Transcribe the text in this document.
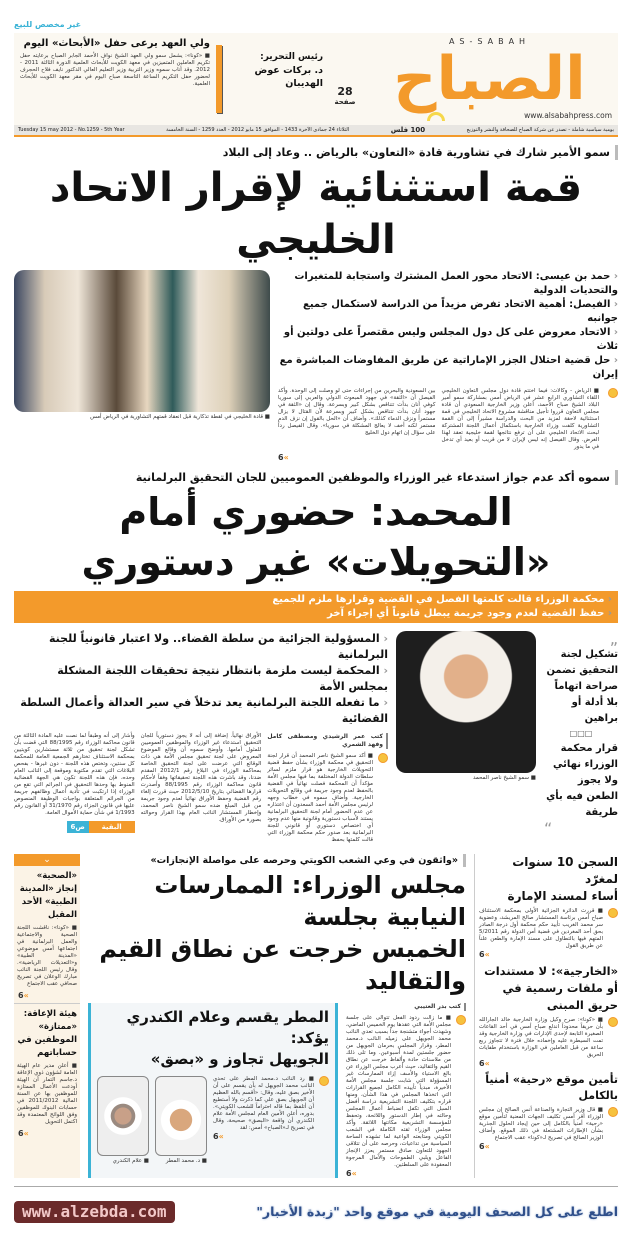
غير مخصص للبيع
ولي العهد يرعى حفل «الأبحاث» اليوم
■ «كونا»: يشمل سمو ولي العهد الشيخ نواف الأحمد الجابر الصباح برعايته حفل تكريم العاملين المتميزين في معهد الكويت للأبحاث العلمية الدورة الثالثة 2011 - 2012. وقد أناب سموه وزير التربية وزير التعليم العالي الدكتور نايف فلاح الحجرف لحضور حفل التكريم الساعة التاسعة صباح اليوم في مقر معهد الكويت للأبحاث العلمية.
رئيس التحرير:
د. بركات عوض الهديبان
28
صفحة
AS-SABAH
الصباح
www.alsabahpress.com
Tuesday 15 may 2012 - No.1259 - 5th Year	الثلاثاء 24 جمادى الآخرة 1433 - الموافق 15 مايو 2012 - العدد 1259 - السنة الخامسة	100 فلس	يومية سياسية شاملة - تصدر عن شركة الصباح للصحافة والنشر والتوزيع
سمو الأمير شارك في تشاورية قادة «التعاون» بالرياض .. وعاد إلى البلاد
قمة استثنائية لإقرار الاتحاد الخليجي
‹ حمد بن عيسى: الاتحاد محور العمل المشترك واستجابة للمتغيرات والتحديات الدولية
‹ الفيصل: أهمية الاتحاد تفرض مزيداً من الدراسة لاستكمال جميع جوانبه
‹ الاتحاد معروض على كل دول المجلس وليس مقتصراً على دولتين أو ثلاث
‹ حل قضية احتلال الجزر الإماراتية عن طريق المفاوضات المباشرة مع إيران
■ الرياض - وكالات: فيما اختتم قادة دول مجلس التعاون الخليجي اللقاء التشاوري الرابع عشر في الرياض أمس بمشاركة سمو أمير البلاد الشيخ صباح الأحمد، أعلن وزير الخارجية السعودي أن قادة مجلس التعاون قرروا تأجيل مناقشة مشروع الاتحاد الخليجي في قمة استثنائية لاحقة لمزيد من البحث والدراسة مشيراً إلى أن القمة التشاورية كلفت وزراء الخارجية باستكمال أعمال اللجنة المشتركة لبحث الاتحاد الخليجي على أن ترفع نتائجها لقمة خليجية تعقد لهذا الغرض. وقال الفيصل إنه ليس لإيران لا من قريب أو بعيد أي تدخل في ما يدور
بين السعودية والبحرين من إجراءات حتى لو وصلت إلى الوحدة. وأكد الفيصل أن «الثقة» في جهود المبعوث الدولي والعربي إلى سوريا كوفي أنان بدأت تتناقص بشكل كبير وبسرعة. وقال إن «الثقة في جهود أنان بدأت تتناقص بشكل كبير وبسرعة لأن القتال لا يزال مستمراً ونزف الدماء كذلك». وأضاف أن «الحل بالقول إن نزف الدم مستمر لكنه أخف لا يعالج المشكلة في سوريا». وقال الفيصل رداً على سؤال إن اتهام دول الخليج
6 «
■ قادة الخليجي في لقطة تذكارية قبل انعقاد قمتهم التشاورية في الرياض أمس
سموه أكد عدم جواز استدعاء غير الوزراء والموظفين العموميين للجان التحقيق البرلمانية
المحمد: حضوري أمام «التحويلات» غير دستوري
‹ محكمة الوزراء قالت كلمتها الفصل في القضية وقرارها ملزم للجميع
‹ حفظ القضية لعدم وجود جريمة يبطل قانوناً أي إجراء آخر
„
تشكيل لجنة التحقيق تضمن صراحة اتهاماً بلا أدلة أو براهين
□□□
قرار محكمة الوزراء نهائي ولا يجوز الطعن فيه بأي طريقة
“
■ سمو الشيخ ناصر المحمد
‹ المسؤولية الجزائية من سلطة القضاء.. ولا اعتبار قانونياً للجنة البرلمانية
‹ المحكمة ليست ملزمة بانتظار نتيجة تحقيقات اللجنة المشكلة بمجلس الأمة
‹ ما تفعله اللجنة البرلمانية يعد تدخلاً في سير العدالة وأعمال السلطة القضائية
كتب عمر الرشيدي ومصطفى كامل وفهد الشمري
■ أكد سمو الشيخ ناصر المحمد أن قرار لجنة التحقيق في محكمة الوزراء بشأن حفظ قضية التحويلات الخارجية هو قرار ملزم لسائر سلطات الدولة المختلفة بما فيها مجلس الأمة مؤكداً أن المحكمة فصلت نهائياً في القضية بالحفظ لعدم وجود جريمة في وقائع التحويلات الخارجية. وأضاف سموه في خطاب وجهه لرئيس مجلس الأمة أحمد السعدون أن اعتذاره عن عدم الحضور أمام لجنة التحقيق البرلمانية يستند لأسباب دستورية وقانونية منها عدم وجود أي اختصاص دستوري أو قانوني للجنة البرلمانية بعد صدور حكم محكمة الوزراء التي قالت كلمتها بحفظ
الأوراق نهائياً. إضافة إلى أنه لا يجوز دستورياً للجان التحقيق استدعاء غير الوزراء والموظفين العموميين للمثول أمامها. وأوضح سموه أن وقائع الموضوع المعروض على لجنة تحقيق مجلس الأمة هي ذات الوقائع التي عرضت على لجنة التحقيق الخاصة بمحاكمة الوزراء في البلاغ رقم 2012/1 المقدم ضدنا، وقد باشرت هذه اللجنة تحقيقاتها وفقاً لأحكام قانون محاكمة الوزراء رقم 88/1995 وأصدرت قرارها القضائي بتاريخ 2012/5/10 حيث قررت إلغاء رقم القضية وحفظ الأوراق نهائياً لعدم وجود جريمة من قبل المبلغ ضده سمو الشيخ ناصر المحمد، وإخطار المستشار النائب العام بهذا القرار وحوالته بصورة من الأوراق.
وأشار إلى أنه وطبقاً لما نصت عليه المادة الثالثة من قانون محاكمة الوزراء رقم 88/1995 التي قضت بأن تشكل لجنة تحقيق من ثلاثة مستشارين كويتيين بمحكمة الاستئناف تختارهم الجمعية العامة للمحكمة كل سنتين، وتختص هذه اللجنة - دون غيرها - بفحص البلاغات التي تقدم مكتوبة وموقعة إلى النائب العام وحده، فإن هذه اللجنة تكون هي الجهة القضائية المنوط بها وحدها التحقيق في الجرائم التي تقع من الوزراء إذا ارتكبت في تأدية أعمال وظائفهم جريمة من الجرائم المتعلقة بواجبات الوظيفة المنصوص عليها في قانون الجزاء رقم 31/1970 أو القانون رقم 1/1993 في شأن حماية الأموال العامة.
ص6	البقية
السجن 10 سنوات لمغرّد
أساء لمسند الإمارة
■ قررت الدائرة الجزائية الأولى بمحكمة الاستئناف صباح أمس برئاسة المستشار صالح المريشد، وعضوية سر محمد الغريب تأييد حكم محكمة أول درجة الصادر بحق أحد المغردين في قضية أمن الدولة رقم 5/2011 المتهم فيها بالتطاول على مسند الإمارة والطعن علناً عن طريق القول
6 «
«الخارجية»: لا مستندات
أو ملفات رسمية في حريق المبنى
■ «كونا»: صرح وكيل وزارة الخارجية خالد الجارالله بأن حريقاً محدوداً اندلع صباح أمس في أحد القاعات الصغيرة التابعة لإحدى الإدارات في وزارة الخارجية وقد تمت السيطرة عليه وإخماده خلال فترة لا تتجاوز ربع ساعة من قبل العاملين في الوزارة باستخدام طفايات الحريق
6 «
تأمين موقع «رحية» أمنياً بالكامل
■ قال وزير التجارة والصناعة أنس الصالح إن مجلس الوزراء أقر أمس تكليف الجهات المعنية لتأمين موقع «رحية» أمنياً بالكامل إلى حين إيجاد الحلول الجذرية بشأن الإطارات المشتعلة في ذلك الموقع. وأضاف الوزير الصالح في تصريح لـ«كونا» عقب الاجتماع
6 «
«واثقون في وعي الشعب الكويتي وحرصه على مواصلة الإنجازات»
مجلس الوزراء: الممارسات النيابية بجلسة
الخميس خرجت عن نطاق القيم والتقاليد
كتب بدر العتيبي
■ ما زالت ردود الفعل تتوالى على جلسة مجلس الأمة التي عقدها يوم الخميس الماضي، وشهدت أجواء متشنجة جداً بسبب تعدي النائب محمد الجويهل على زميله النائب د.محمد المطر، وقرار المجلس بحرمان الجويهل من حضور جلستين لمدة أسبوعين. وما تلى ذلك من ملاسنات حادة وألفاظ خرجت عن نطاق القيم والتقاليد، حيث أعرب مجلس الوزراء عن بالغ الاستياء والأسف إزاء الممارسات غير المسؤولة التي شابت جلسة مجلس الأمة الأخيرة، مبدياً تأييده الكامل لجميع القرارات التي اتخذها المجلس في هذا الشأن، ومنها قراره بتكليف اللجنة التشريعية دراسة أفضل السبل التي تكفل انضباط أعمال المجلس وحالته في إطار الدستور واللائحة، وتحفظ للمؤسسة التشريعية مكانتها اللائقة. وأكد مجلس الوزراء ثقته الكاملة في الشعب الكويتي ومتابعته الواعية لما تشهده الساحة السياسية من تداعيات، وحرصه على أن تتلاقى الجهود للتعاون صادق مستمر يعزز الإنجاز الفاعل ويلبي الطموحات والآمال المرجوة المعقودة على السلطتين.
6 «
المطر يقسم وعلام الكندري يؤكد:
الجويهل تجاوز و «بصق»
■ رد النائب د.محمد المطر على تحدي النائب محمد الجويهل له بأن يقسم على أن الأخير بصق عليه، وقال: «أقسم بالله العظيم أن الجويهل بصق علي كما ذكرت ولا أستطيع أن أتلفظ بما قاله احتراماً للشعب الكويتي». بدوره، أعلن الأمين العام لمجلس الأمة علام الكندري أن واقعة «البصق» صحيحة، وقال في تصريح لـ«الصباح» أمس: لقد
6 «
■ د. محمد المطر
■ علام الكندري
⌄
«الصحية» إنجاز «المدينة الطبية» الأحد المقبل
■ «كونا»: ناقشت اللجنة الصحية والاجتماعية والعمل البرلمانية في اجتماعها أمس موضوعي «المدينة الطبية» و«التعديلات الرياضية». وقال رئيس اللجنة النائب مبارك الوعلان في تصريح صحافي عقب الاجتماع
6 «
هيئة الإعاقة: «ممتازة» الموظفين في حساباتهم
■ أعلن مدير عام الهيئة العامة لشؤون ذوي الإعاقة د.جاسم التمار أن الهيئة أودعت الأعمال الممتازة للموظفين بها عن السنة المالية 2011/2012 في حسابات البنوك للموظفين وفق اللوائح المعتمدة وقد اكتمل التحويل
6 «
www.alzebda.com	اطلع على كل الصحف اليومية في موقع واحد "زبدة الأخبار"
